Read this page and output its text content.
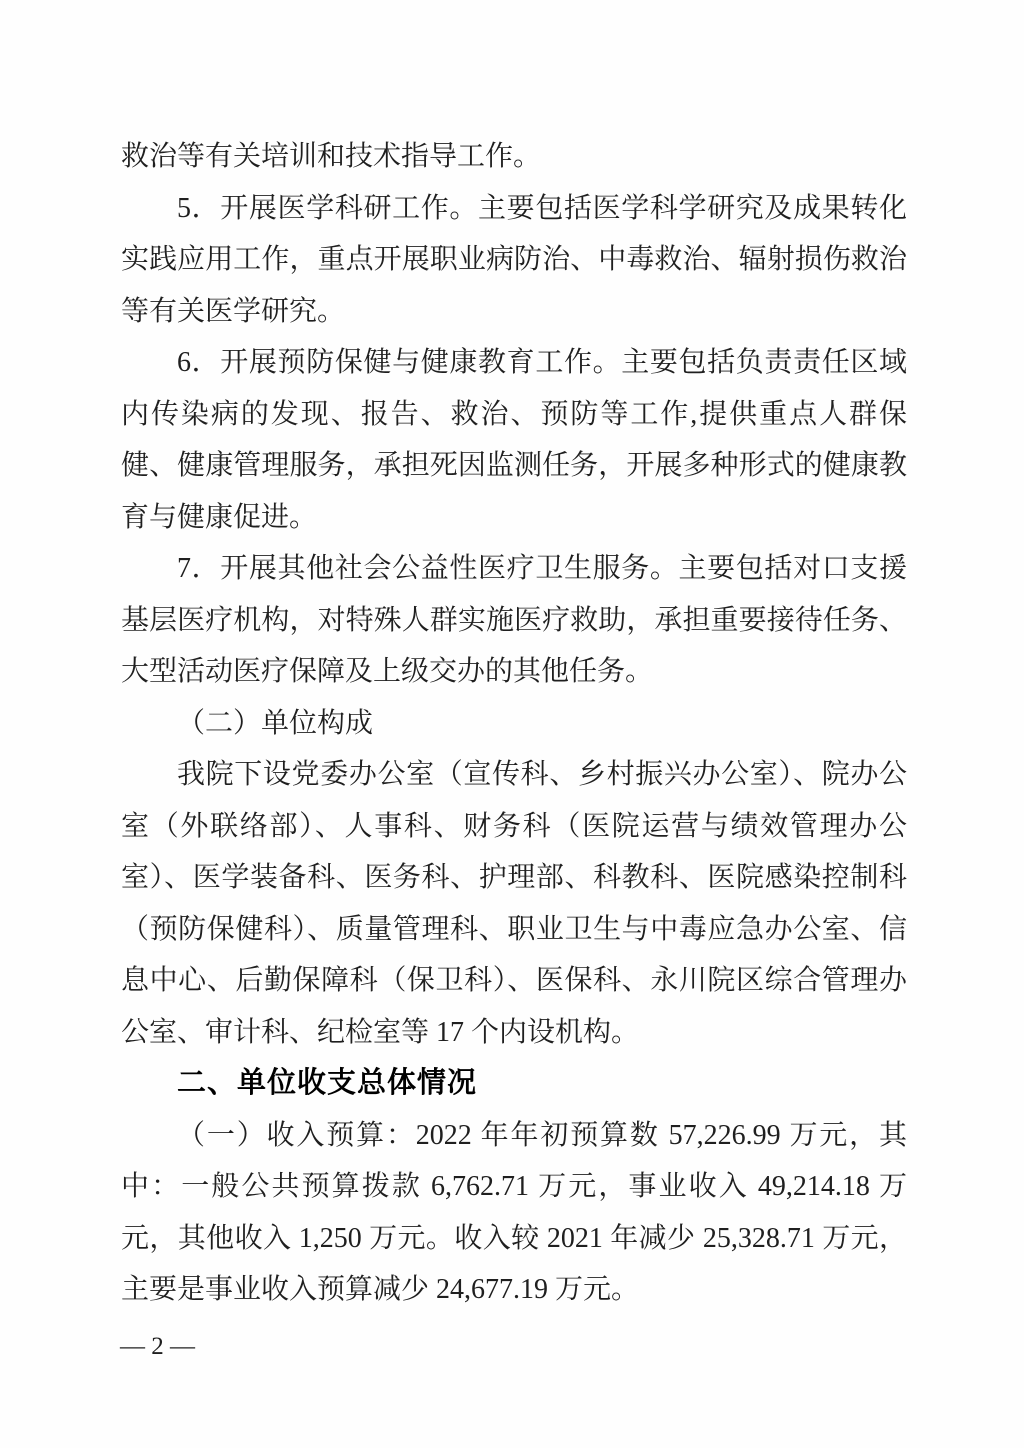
救治等有关培训和技术指导工作。
5．开展医学科研工作。主要包括医学科学研究及成果转化
实践应用工作，重点开展职业病防治、中毒救治、辐射损伤救治
等有关医学研究。
6．开展预防保健与健康教育工作。主要包括负责责任区域
内传染病的发现、报告、救治、预防等工作,提供重点人群保
健、健康管理服务，承担死因监测任务，开展多种形式的健康教
育与健康促进。
7．开展其他社会公益性医疗卫生服务。主要包括对口支援
基层医疗机构，对特殊人群实施医疗救助，承担重要接待任务、
大型活动医疗保障及上级交办的其他任务。
（二）单位构成
我院下设党委办公室（宣传科、乡村振兴办公室）、院办公
室（外联络部）、人事科、财务科（医院运营与绩效管理办公
室）、医学装备科、医务科、护理部、科教科、医院感染控制科
（预防保健科）、质量管理科、职业卫生与中毒应急办公室、信
息中心、后勤保障科（保卫科）、医保科、永川院区综合管理办
公室、审计科、纪检室等 17 个内设机构。
二、单位收支总体情况
（一）收入预算：2022 年年初预算数 57,226.99 万元，其
中：一般公共预算拨款 6,762.71 万元，事业收入 49,214.18 万
元，其他收入 1,250 万元。收入较 2021 年减少 25,328.71 万元，
主要是事业收入预算减少 24,677.19 万元。
— 2 —
